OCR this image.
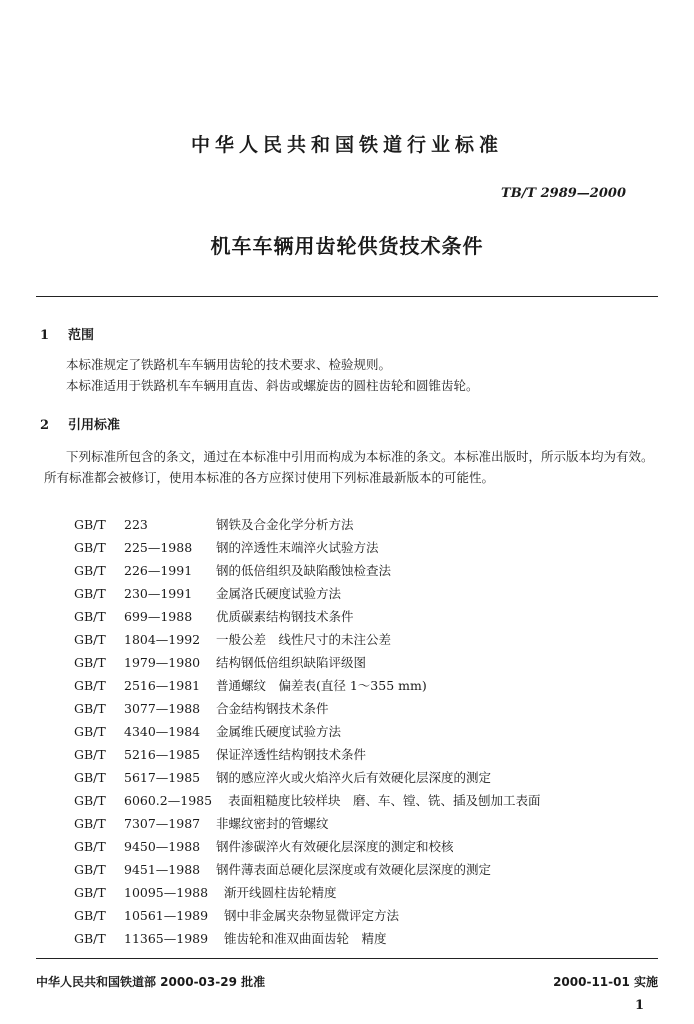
中华人民共和国铁道行业标准
TB/T 2989—2000
机车车辆用齿轮供货技术条件
1 范围

本标准规定了铁路机车车辆用齿轮的技术要求、检验规则。

本标准适用于铁路机车车辆用直齿、斜齿或螺旋齿的圆柱齿轮和圆锥齿轮。

2 引用标准

下列标准所包含的条文，通过在本标准中引用而构成为本标准的条文。本标准出版时，所示版本均为有效。所有标准都会被修订，使用本标准的各方应探讨使用下列标准最新版本的可能性。

GB/T 223	钢铁及合金化学分析方法
GB/T 225—1988 钢的淬透性末端淬火试验方法
GB/T 226—1991 钢的低倍组织及缺陷酸蚀检查法
GB/T 230—1991 金属洛氏硬度试验方法
GB/T 699—1988 优质碳素结构钢技术条件
GB/T 1804—1992 一般公差　线性尺寸的未注公差
GB/T 1979—1980 结构钢低倍组织缺陷评级图
GB/T 2516—1981 普通螺纹　偏差表(直径 1～355 mm)
GB/T 3077—1988 合金结构钢技术条件
GB/T 4340—1984 金属维氏硬度试验方法
GB/T 5216—1985 保证淬透性结构钢技术条件
GB/T 5617—1985 钢的感应淬火或火焰淬火后有效硬化层深度的测定
GB/T 6060.2—1985 表面粗糙度比较样块　磨、车、镗、铣、插及刨加工表面
GB/T 7307—1987 非螺纹密封的管螺纹
GB/T 9450—1988 钢件渗碳淬火有效硬化层深度的测定和校核
GB/T 9451—1988 钢件薄表面总硬化层深度或有效硬化层深度的测定
GB/T 10095—1988 渐开线圆柱齿轮精度
GB/T 10561—1989 钢中非金属夹杂物显微评定方法
GB/T 11365—1989 锥齿轮和准双曲面齿轮　精度
中华人民共和国铁道部 2000-03-29 批准	2000-11-01 实施
1
